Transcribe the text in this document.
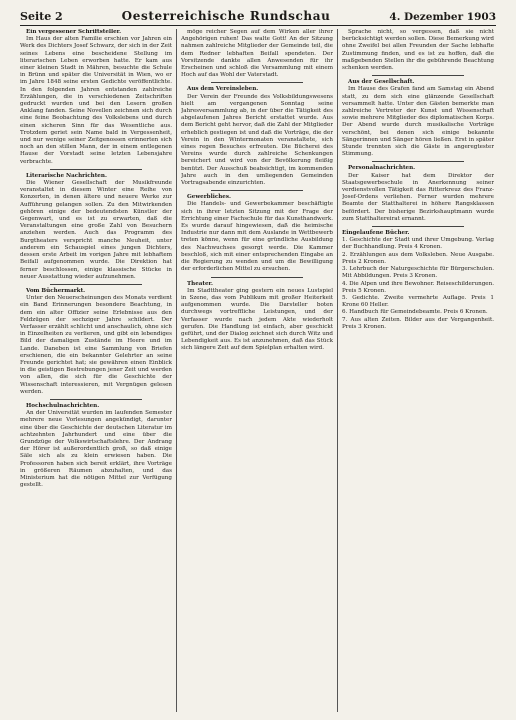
Seite 2	Oesterreichische Rundschau	4. Dezember 1903

Ein vergessener Schriftsteller.

Im Haus der alten Familie erschien vor Jahren ein Werk des Dichters Josef Schwarz, der sich in der Zeit seines Lebens eine bescheidene Stellung im literarischen Leben erworben hatte. Er kam aus einer kleinen Stadt in Mähren, besuchte die Schule in Brünn und später die Universität in Wien, wo er im Jahre 1848 seine ersten Gedichte veröffentlichte. In den folgenden Jahren entstanden zahlreiche Erzählungen, die in verschiedenen Zeitschriften gedruckt wurden und bei den Lesern großen Anklang fanden. Seine Novellen zeichnen sich durch eine feine Beobachtung des Volkslebens und durch einen sicheren Sinn für das Wesentliche aus. Trotzdem geriet sein Name bald in Vergessenheit, und nur wenige seiner Zeitgenossen erinnerten sich noch an den stillen Mann, der in einem entlegenen Hause der Vorstadt seine letzten Lebensjahre verbrachte.

Literarische Nachrichten.

Die Wiener Gesellschaft der Musikfreunde veranstaltet in diesem Winter eine Reihe von Konzerten, in denen ältere und neuere Werke zur Aufführung gelangen sollen. Zu den Mitwirkenden gehören einige der bedeutendsten Künstler der Gegenwart, und es ist zu erwarten, daß die Veranstaltungen eine große Zahl von Besuchern anziehen werden. Auch das Programm des Burgtheaters verspricht manche Neuheit, unter anderem ein Schauspiel eines jungen Dichters, dessen erste Arbeit im vorigen Jahre mit lebhaftem Beifall aufgenommen wurde. Die Direktion hat ferner beschlossen, einige klassische Stücke in neuer Ausstattung wieder aufzunehmen.

Vom Büchermarkt.

Unter den Neuerscheinungen des Monats verdient ein Band Erinnerungen besondere Beachtung, in dem ein alter Offizier seine Erlebnisse aus den Feldzügen der sechziger Jahre schildert. Der Verfasser erzählt schlicht und anschaulich, ohne sich in Einzelheiten zu verlieren, und gibt ein lebendiges Bild der damaligen Zustände im Heere und im Lande. Daneben ist eine Sammlung von Briefen erschienen, die ein bekannter Gelehrter an seine Freunde gerichtet hat; sie gewähren einen Einblick in die geistigen Bestrebungen jener Zeit und werden von allen, die sich für die Geschichte der Wissenschaft interessieren, mit Vergnügen gelesen werden.

Hochschulnachrichten.

An der Universität wurden im laufenden Semester mehrere neue Vorlesungen angekündigt, darunter eine über die Geschichte der deutschen Literatur im achtzehnten Jahrhundert und eine über die Grundzüge der Volkswirtschaftslehre. Der Andrang der Hörer ist außerordentlich groß, so daß einige Säle sich als zu klein erwiesen haben. Die Professoren haben sich bereit erklärt, ihre Vorträge in größeren Räumen abzuhalten, und das Ministerium hat die nötigen Mittel zur Verfügung gestellt.

möge reicher Segen auf dem Wirken aller ihrer Angehörigen ruhen! Das walte Gott! An der Sitzung nahmen zahlreiche Mitglieder der Gemeinde teil, die dem Redner lebhaften Beifall spendeten. Der Vorsitzende dankte allen Anwesenden für ihr Erscheinen und schloß die Versammlung mit einem Hoch auf das Wohl der Vaterstadt.

Aus dem Vereinsleben.

Der Verein der Freunde des Volksbildungswesens hielt am vergangenen Sonntag seine Jahresversammlung ab, in der über die Tätigkeit des abgelaufenen Jahres Bericht erstattet wurde. Aus dem Bericht geht hervor, daß die Zahl der Mitglieder erheblich gestiegen ist und daß die Vorträge, die der Verein in den Wintermonaten veranstaltete, sich eines regen Besuches erfreuten. Die Bücherei des Vereins wurde durch zahlreiche Schenkungen bereichert und wird von der Bevölkerung fleißig benützt. Der Ausschuß beabsichtigt, im kommenden Jahre auch in den umliegenden Gemeinden Vortragsabende einzurichten.

Gewerbliches.

Die Handels- und Gewerbekammer beschäftigte sich in ihrer letzten Sitzung mit der Frage der Errichtung einer Fachschule für das Kunsthandwerk. Es wurde darauf hingewiesen, daß die heimische Industrie nur dann mit dem Auslande in Wettbewerb treten könne, wenn für eine gründliche Ausbildung des Nachwuchses gesorgt werde. Die Kammer beschloß, sich mit einer entsprechenden Eingabe an die Regierung zu wenden und um die Bewilligung der erforderlichen Mittel zu ersuchen.

Theater.

Im Stadttheater ging gestern ein neues Lustspiel in Szene, das vom Publikum mit großer Heiterkeit aufgenommen wurde. Die Darsteller boten durchwegs vortreffliche Leistungen, und der Verfasser wurde nach jedem Akte wiederholt gerufen. Die Handlung ist einfach, aber geschickt geführt, und der Dialog zeichnet sich durch Witz und Lebendigkeit aus. Es ist anzunehmen, daß das Stück sich längere Zeit auf dem Spielplan erhalten wird.

Sprache nicht, so vergessen, daß sie nicht berücksichtigt werden sollen. Diese Bemerkung wird ohne Zweifel bei allen Freunden der Sache lebhafte Zustimmung finden, und es ist zu hoffen, daß die maßgebenden Stellen ihr die gebührende Beachtung schenken werden.

Aus der Gesellschaft.

Im Hause des Grafen fand am Samstag ein Abend statt, zu dem sich eine glänzende Gesellschaft versammelt hatte. Unter den Gästen bemerkte man zahlreiche Vertreter der Kunst und Wissenschaft sowie mehrere Mitglieder des diplomatischen Korps. Der Abend wurde durch musikalische Vorträge verschönt, bei denen sich einige bekannte Sängerinnen und Sänger hören ließen. Erst in später Stunde trennten sich die Gäste in angeregtester Stimmung.

Personalnachrichten.

Der Kaiser hat dem Direktor der Staatsgewerbeschule in Anerkennung seiner verdienstvollen Tätigkeit das Ritterkreuz des Franz-Josef-Ordens verliehen. Ferner wurden mehrere Beamte der Statthalterei in höhere Rangsklassen befördert. Der bisherige Bezirkshauptmann wurde zum Statthaltereirat ernannt.

Eingelaufene Bücher.

1. Geschichte der Stadt und ihrer Umgebung. Verlag der Buchhandlung. Preis 4 Kronen.

2. Erzählungen aus dem Volksleben. Neue Ausgabe. Preis 2 Kronen.

3. Lehrbuch der Naturgeschichte für Bürgerschulen. Mit Abbildungen. Preis 3 Kronen.

4. Die Alpen und ihre Bewohner. Reiseschilderungen. Preis 5 Kronen.

5. Gedichte. Zweite vermehrte Auflage. Preis 1 Krone 60 Heller.

6. Handbuch für Gemeindebeamte. Preis 6 Kronen.

7. Aus alten Zeiten. Bilder aus der Vergangenheit. Preis 3 Kronen.
